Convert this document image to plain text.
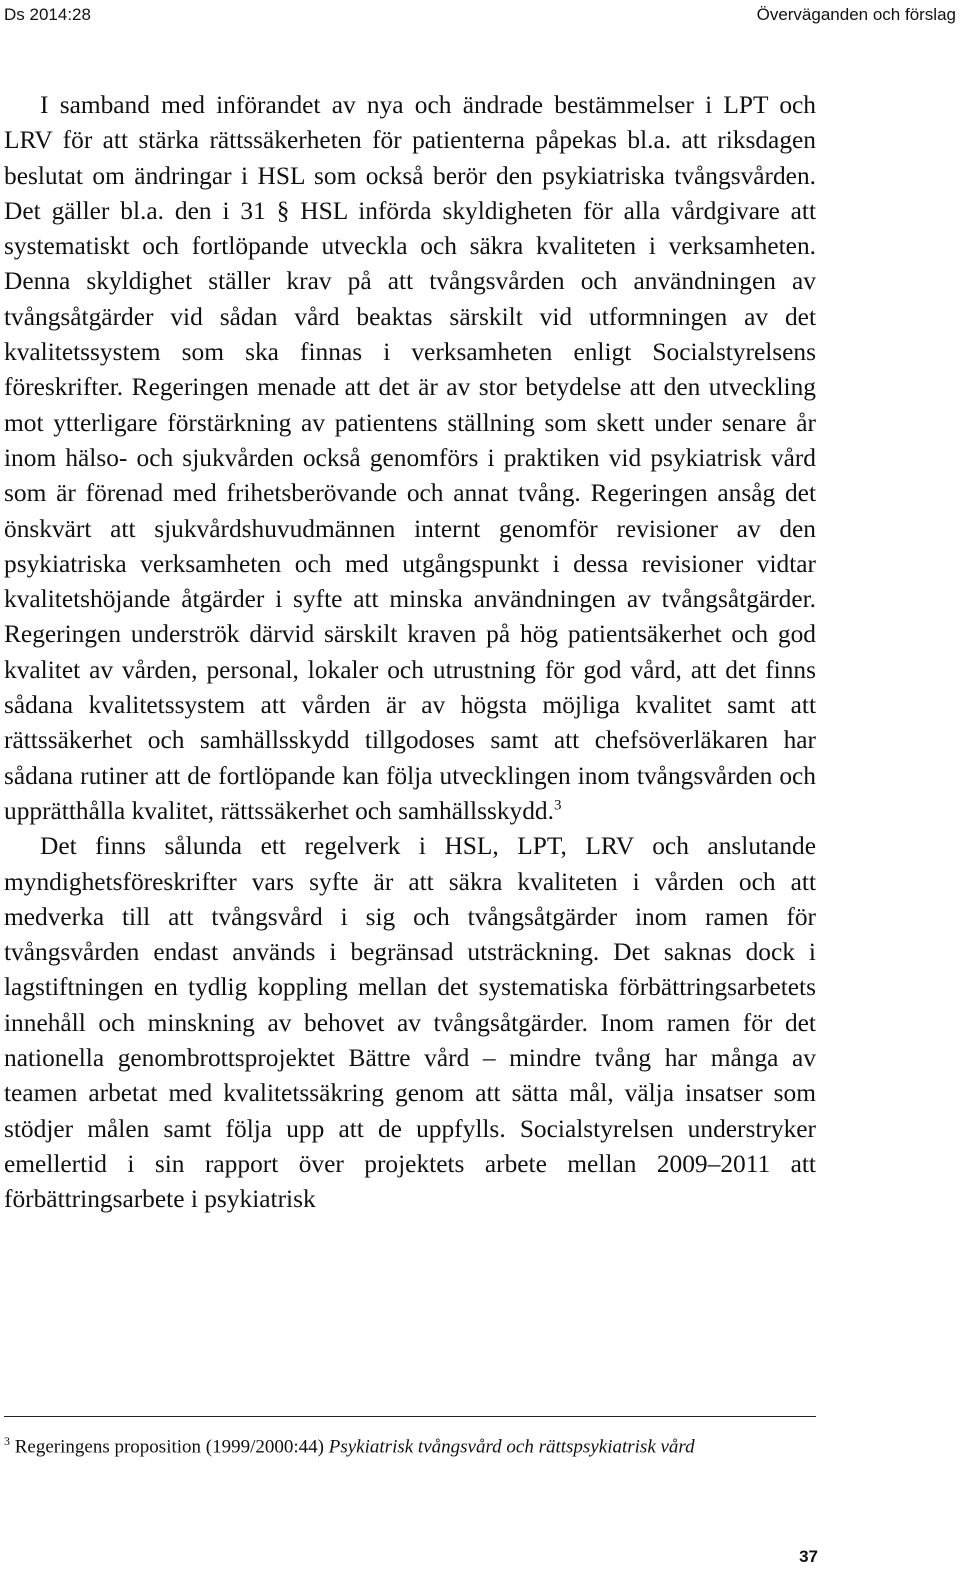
Ds 2014:28	Överväganden och förslag

I samband med införandet av nya och ändrade bestämmelser i LPT och LRV för att stärka rättssäkerheten för patienterna påpekas bl.a. att riksdagen beslutat om ändringar i HSL som också berör den psykiatriska tvångsvården. Det gäller bl.a. den i 31 § HSL införda skyldigheten för alla vårdgivare att systematiskt och fortlöpande utveckla och säkra kvaliteten i verksamheten. Denna skyldighet ställer krav på att tvångsvården och användningen av tvångsåtgärder vid sådan vård beaktas särskilt vid utformningen av det kvalitetssystem som ska finnas i verksamheten enligt Socialstyrelsens föreskrifter. Regeringen menade att det är av stor betydelse att den utveckling mot ytterligare förstärkning av patientens ställning som skett under senare år inom hälso- och sjukvården också genomförs i praktiken vid psykiatrisk vård som är förenad med frihetsberövande och annat tvång. Regeringen ansåg det önskvärt att sjukvårdshuvudmännen internt genomför revisioner av den psykiatriska verksamheten och med utgångspunkt i dessa revisioner vidtar kvalitetshöjande åtgärder i syfte att minska användningen av tvångsåtgärder. Regeringen underströk därvid särskilt kraven på hög patientsäkerhet och god kvalitet av vården, personal, lokaler och utrustning för god vård, att det finns sådana kvalitetssystem att vården är av högsta möjliga kvalitet samt att rättssäkerhet och samhällsskydd tillgodoses samt att chefsöverläkaren har sådana rutiner att de fortlöpande kan följa utvecklingen inom tvångsvården och upprätthålla kvalitet, rättssäkerhet och samhällsskydd.$^3$

Det finns sålunda ett regelverk i HSL, LPT, LRV och anslutande myndighetsföreskrifter vars syfte är att säkra kvaliteten i vården och att medverka till att tvångsvård i sig och tvångsåtgärder inom ramen för tvångsvården endast används i begränsad utsträckning. Det saknas dock i lagstiftningen en tydlig koppling mellan det systematiska förbättringsarbetets innehåll och minskning av behovet av tvångsåtgärder. Inom ramen för det nationella genombrottsprojektet Bättre vård – mindre tvång har många av teamen arbetat med kvalitetssäkring genom att sätta mål, välja insatser som stödjer målen samt följa upp att de uppfylls. Socialstyrelsen understryker emellertid i sin rapport över projektets arbete mellan 2009–2011 att förbättringsarbete i psykiatrisk

$^3$ Regeringens proposition (1999/2000:44) Psykiatrisk tvångsvård och rättspsykiatrisk vård
37
